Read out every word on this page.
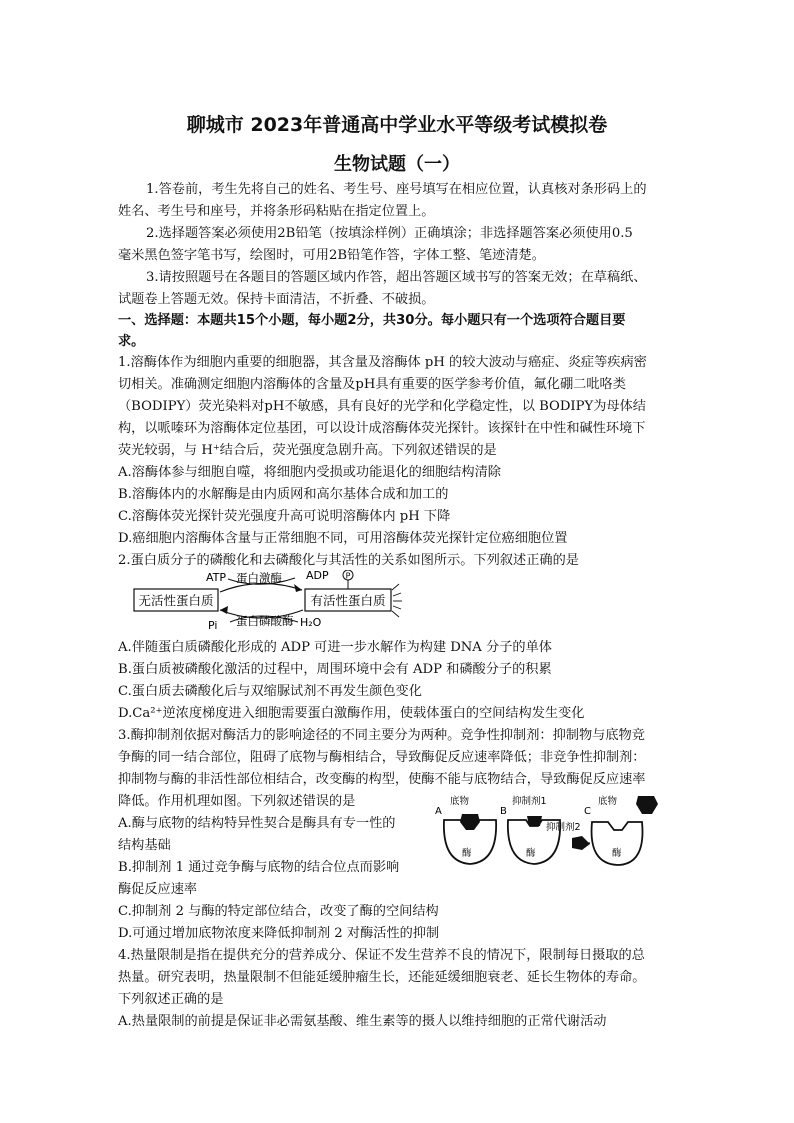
聊城市 2023年普通高中学业水平等级考试模拟卷
生物试题（一）
1.答卷前，考生先将自己的姓名、考生号、座号填写在相应位置，认真核对条形码上的
姓名、考生号和座号，并将条形码粘贴在指定位置上。
2.选择题答案必须使用2B铅笔（按填涂样例）正确填涂；非选择题答案必须使用0.5
毫米黑色签字笔书写，绘图时，可用2B铅笔作答，字体工整、笔迹清楚。
3.请按照题号在各题目的答题区域内作答，超出答题区域书写的答案无效；在草稿纸、
试题卷上答题无效。保持卡面清洁，不折叠、不破损。
一、选择题：本题共15个小题，每小题2分，共30分。每小题只有一个选项符合题目要
求。
1.溶酶体作为细胞内重要的细胞器，其含量及溶酶体 pH 的较大波动与癌症、炎症等疾病密
切相关。准确测定细胞内溶酶体的含量及pH具有重要的医学参考价值，氟化硼二吡咯类
（BODIPY）荧光染料对pH不敏感，具有良好的光学和化学稳定性，以 BODIPY为母体结
构，以哌嗪环为溶酶体定位基团，可以设计成溶酶体荧光探针。该探针在中性和碱性环境下
荧光较弱，与 H⁺结合后，荧光强度急剧升高。下列叙述错误的是
A.溶酶体参与细胞自噬，将细胞内受损或功能退化的细胞结构清除
B.溶酶体内的水解酶是由内质网和高尔基体合成和加工的
C.溶酶体荧光探针荧光强度升高可说明溶酶体内 pH 下降
D.癌细胞内溶酶体含量与正常细胞不同，可用溶酶体荧光探针定位癌细胞位置
2.蛋白质分子的磷酸化和去磷酸化与其活性的关系如图所示。下列叙述正确的是
无活性蛋白质	有活性蛋白质
ATP 蛋白激酶 ADP P
Pi 蛋白磷酸酶 H₂O
A.伴随蛋白质磷酸化形成的 ADP 可进一步水解作为构建 DNA 分子的单体
B.蛋白质被磷酸化激活的过程中，周围环境中会有 ADP 和磷酸分子的积累
C.蛋白质去磷酸化后与双缩脲试剂不再发生颜色变化
D.Ca²⁺逆浓度梯度进入细胞需要蛋白激酶作用，使载体蛋白的空间结构发生变化
3.酶抑制剂依据对酶活力的影响途径的不同主要分为两种。竞争性抑制剂：抑制物与底物竞
争酶的同一结合部位，阻碍了底物与酶相结合，导致酶促反应速率降低；非竞争性抑制剂：
抑制物与酶的非活性部位相结合，改变酶的构型，使酶不能与底物结合，导致酶促反应速率
降低。作用机理如图。下列叙述错误的是
A.酶与底物的结构特异性契合是酶具有专一性的
结构基础
B.抑制剂 1 通过竞争酶与底物的结合位点而影响
酶促反应速率
C.抑制剂 2 与酶的特定部位结合，改变了酶的空间结构
D.可通过增加底物浓度来降低抑制剂 2 对酶活性的抑制
A
底物
酶
B
抑制剂1
酶
C
底物
抑制剂2
酶
4.热量限制是指在提供充分的营养成分、保证不发生营养不良的情况下，限制每日摄取的总
热量。研究表明，热量限制不但能延缓肿瘤生长，还能延缓细胞衰老、延长生物体的寿命。
下列叙述正确的是
A.热量限制的前提是保证非必需氨基酸、维生素等的摄人以维持细胞的正常代谢活动
